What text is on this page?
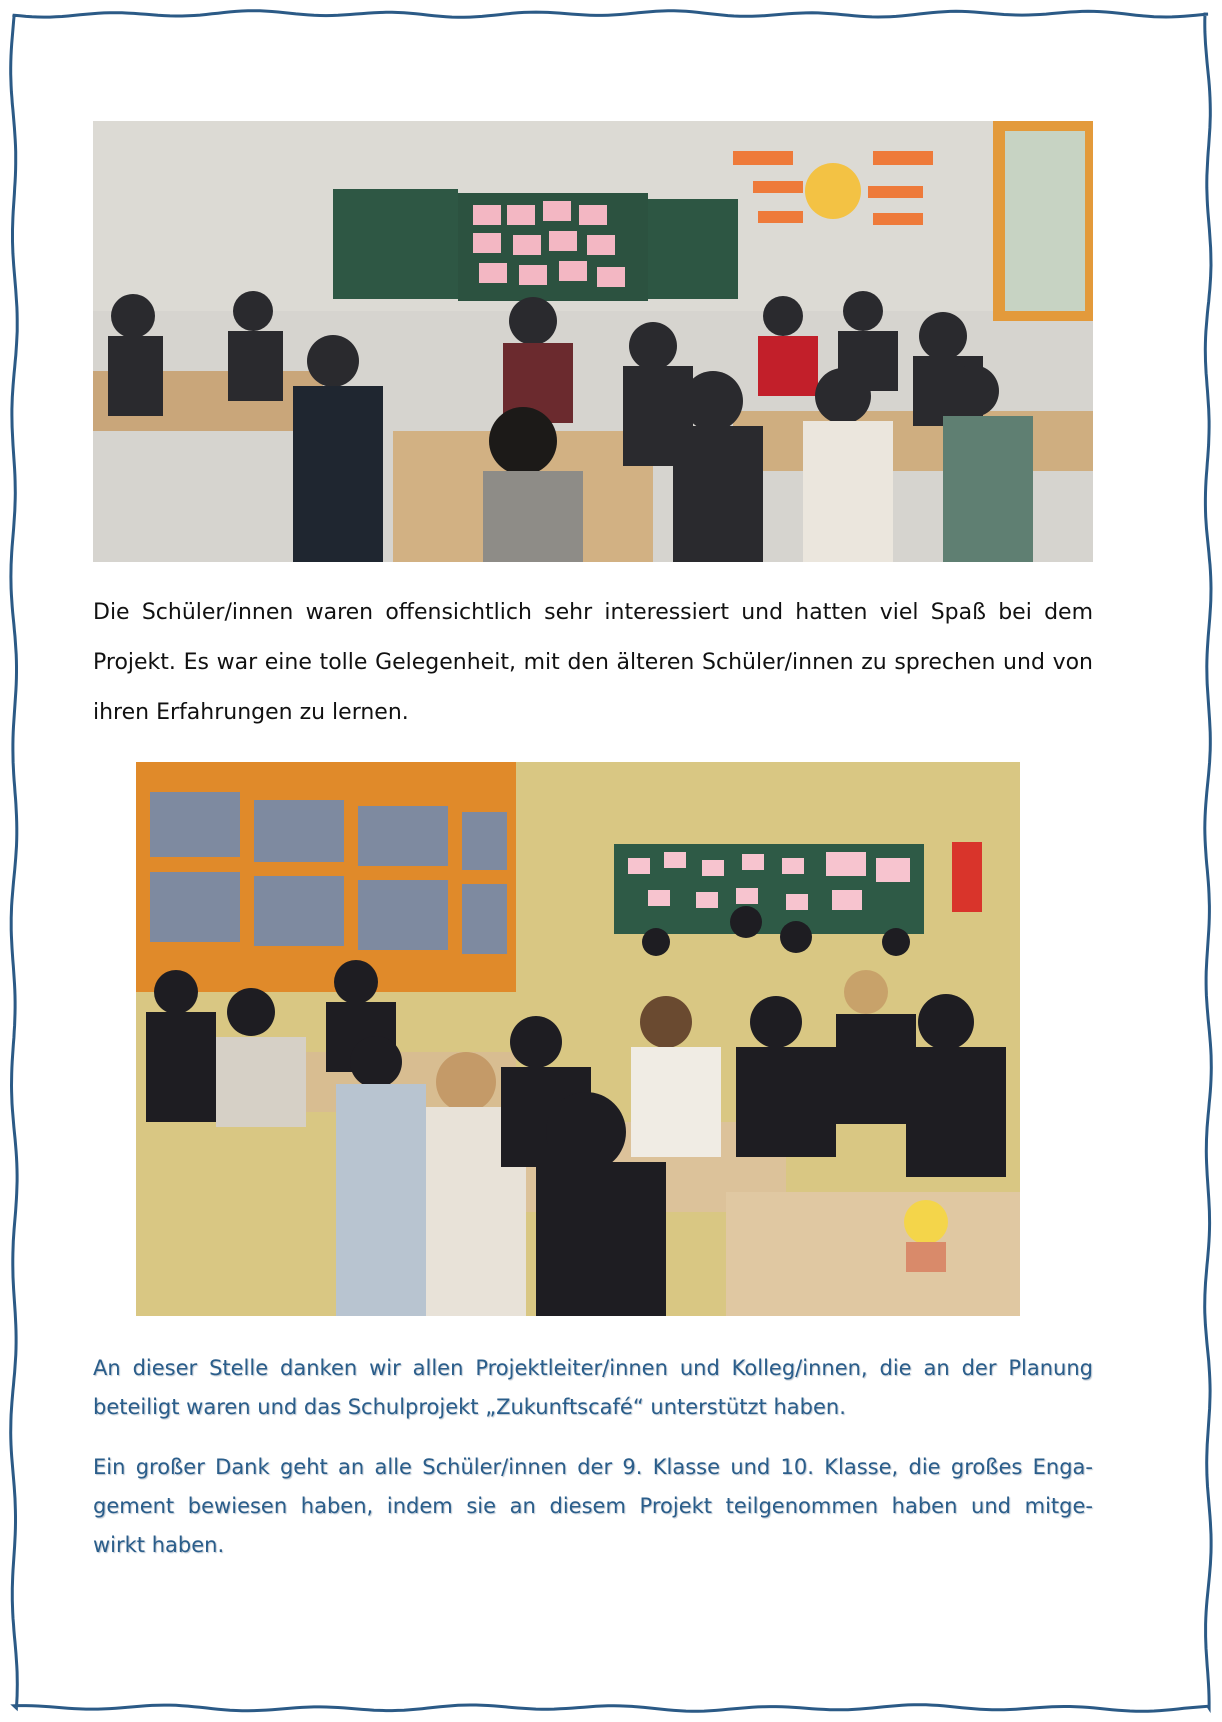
Die Schüler/innen waren offensichtlich sehr interessiert und hatten viel Spaß bei dem
Projekt. Es war eine tolle Gelegenheit, mit den älteren Schüler/innen zu sprechen und von
ihren Erfahrungen zu lernen.
An dieser Stelle danken wir allen Projektleiter/innen und Kolleg/innen, die an der Planung
beteiligt waren und das Schulprojekt „Zukunftscafé“ unterstützt haben.
Ein großer Dank geht an alle Schüler/innen der 9. Klasse und 10. Klasse, die großes Enga-
gement bewiesen haben, indem sie an diesem Projekt teilgenommen haben und mitge-
wirkt haben.
